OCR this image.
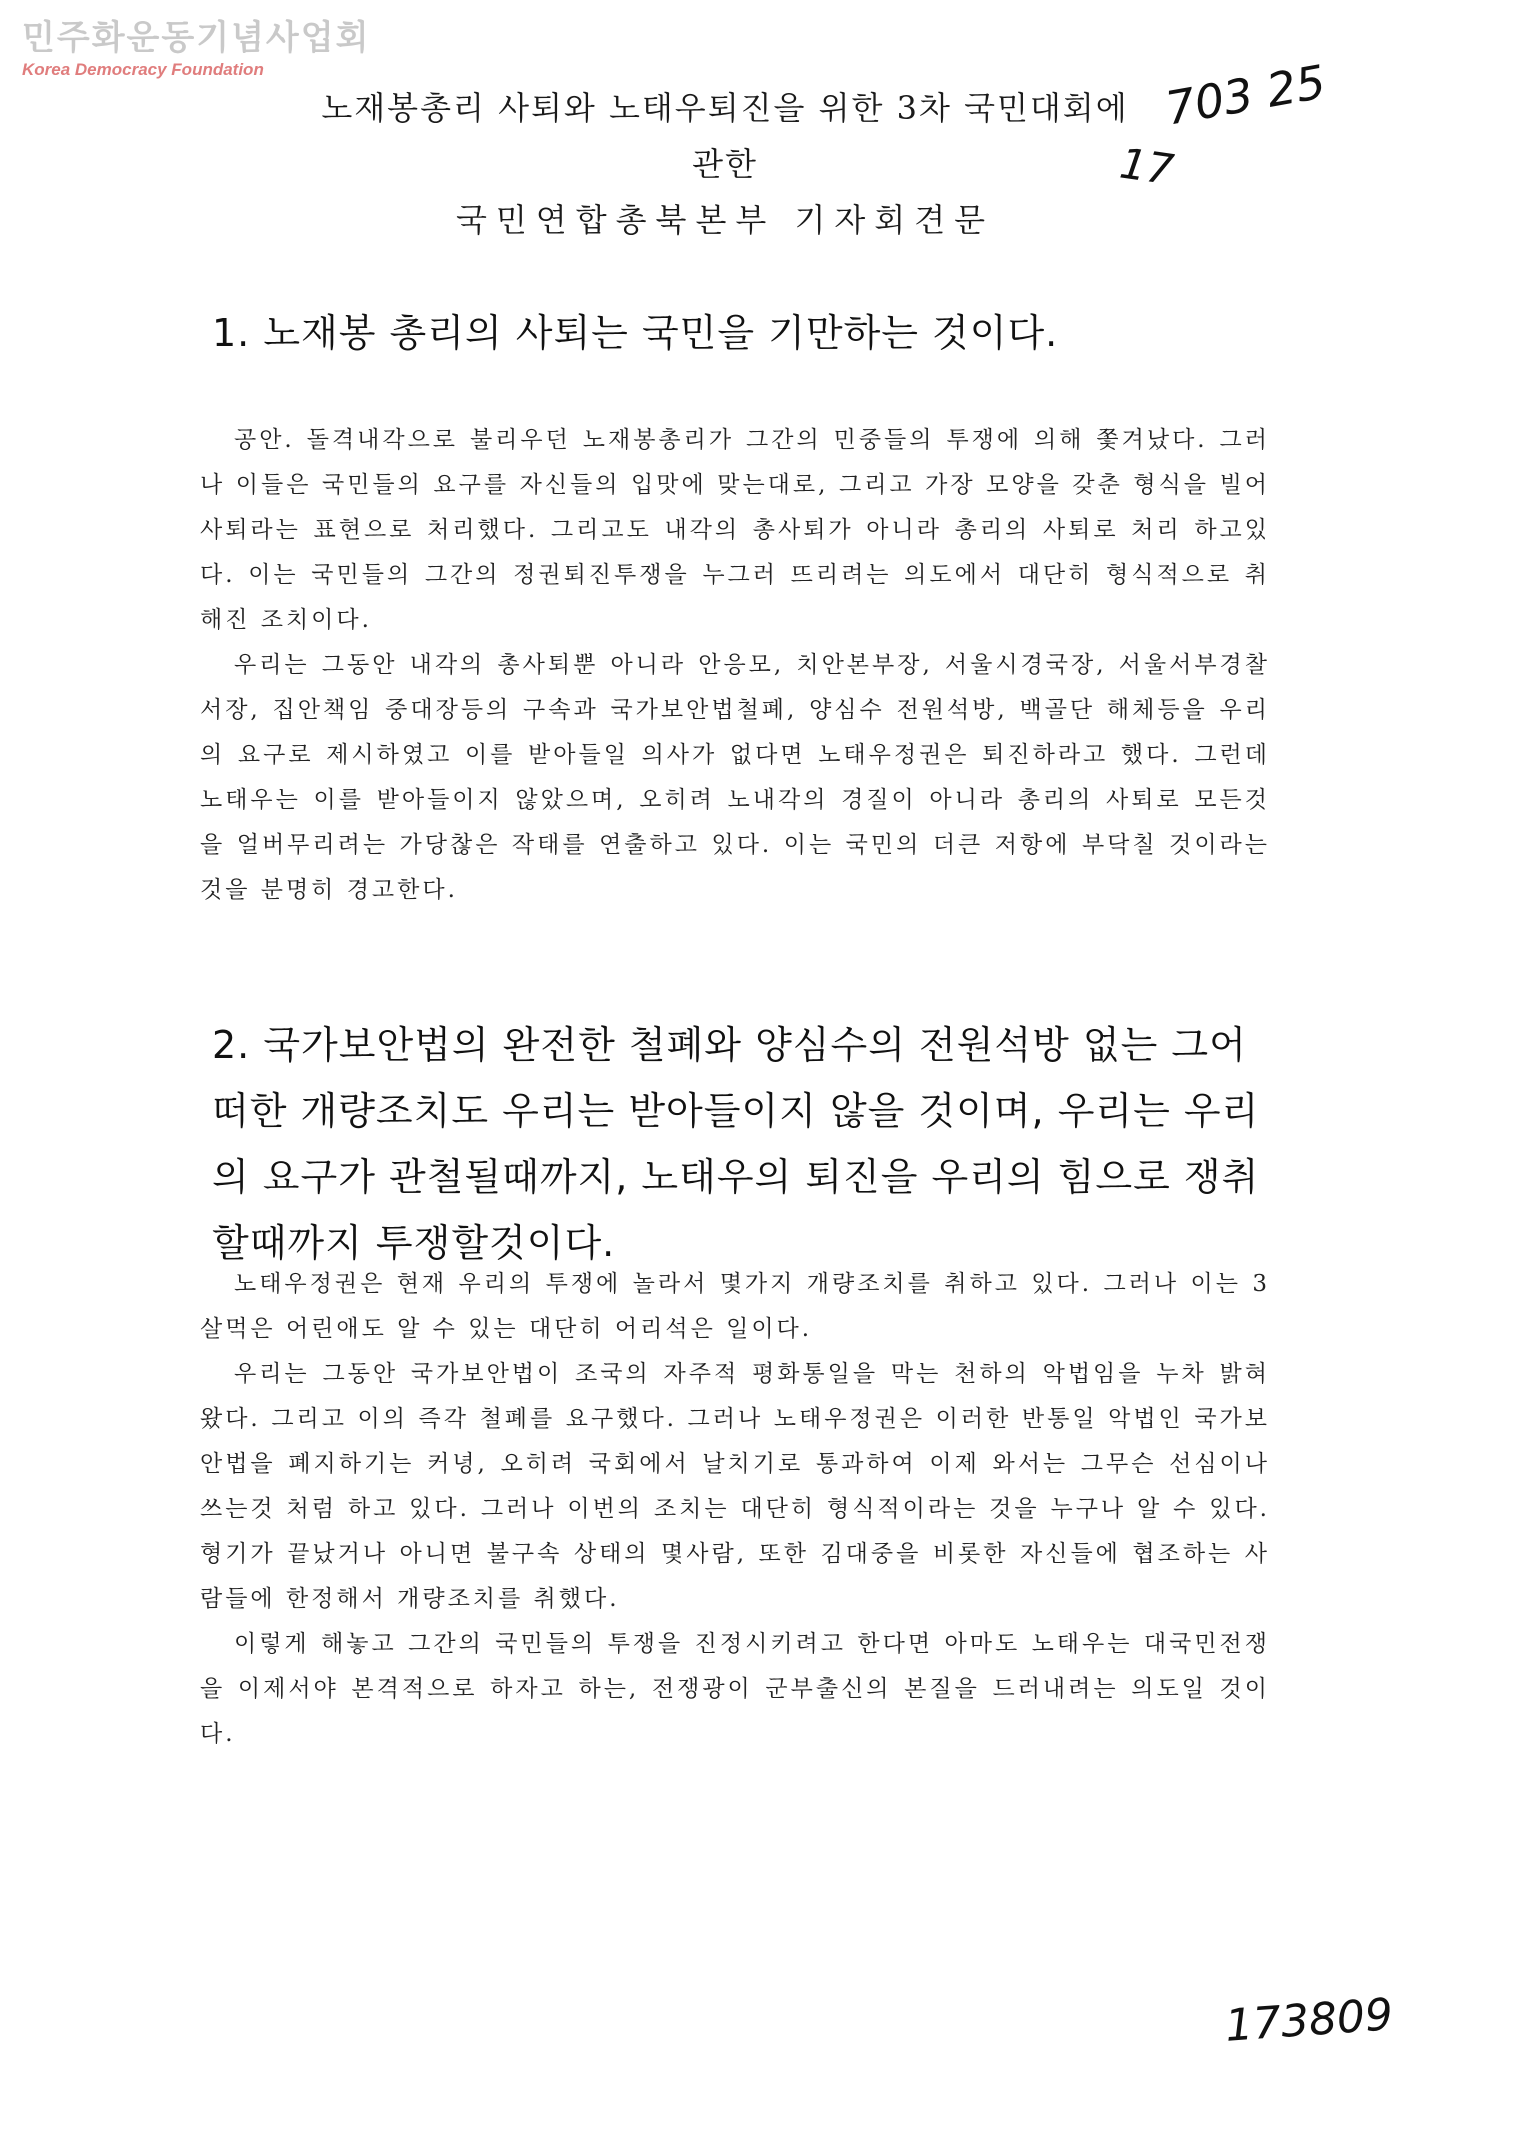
민주화운동기념사업회
Korea Democracy Foundation
노재봉총리 사퇴와 노태우퇴진을 위한 3차 국민대회에 관한
국민연합총북본부 기자회견문
703 25
17
1. 노재봉 총리의 사퇴는 국민을 기만하는 것이다.

공안. 돌격내각으로 불리우던 노재봉총리가 그간의 민중들의 투쟁에 의해 쫓겨났다. 그러나 이들은 국민들의 요구를 자신들의 입맛에 맞는대로, 그리고 가장 모양을 갖춘 형식을 빌어 사퇴라는 표현으로 처리했다. 그리고도 내각의 총사퇴가 아니라 총리의 사퇴로 처리 하고있다. 이는 국민들의 그간의 정권퇴진투쟁을 누그러 뜨리려는 의도에서 대단히 형식적으로 취해진 조치이다.

우리는 그동안 내각의 총사퇴뿐 아니라 안응모, 치안본부장, 서울시경국장, 서울서부경찰서장, 집안책임 중대장등의 구속과 국가보안법철폐, 양심수 전원석방, 백골단 해체등을 우리의 요구로 제시하였고 이를 받아들일 의사가 없다면 노태우정권은 퇴진하라고 했다. 그런데 노태우는 이를 받아들이지 않았으며, 오히려 노내각의 경질이 아니라 총리의 사퇴로 모든것을 얼버무리려는 가당찮은 작태를 연출하고 있다. 이는 국민의 더큰 저항에 부닥칠 것이라는 것을 분명히 경고한다.

2. 국가보안법의 완전한 철폐와 양심수의 전원석방 없는 그어떠한 개량조치도 우리는 받아들이지 않을 것이며, 우리는 우리의 요구가 관철될때까지, 노태우의 퇴진을 우리의 힘으로 쟁취할때까지 투쟁할것이다.

노태우정권은 현재 우리의 투쟁에 놀라서 몇가지 개량조치를 취하고 있다. 그러나 이는 3살먹은 어린애도 알 수 있는 대단히 어리석은 일이다.

우리는 그동안 국가보안법이 조국의 자주적 평화통일을 막는 천하의 악법임을 누차 밝혀왔다. 그리고 이의 즉각 철폐를 요구했다. 그러나 노태우정권은 이러한 반통일 악법인 국가보안법을 폐지하기는 커녕, 오히려 국회에서 날치기로 통과하여 이제 와서는 그무슨 선심이나 쓰는것 처럼 하고 있다. 그러나 이번의 조치는 대단히 형식적이라는 것을 누구나 알 수 있다. 형기가 끝났거나 아니면 불구속 상태의 몇사람, 또한 김대중을 비롯한 자신들에 협조하는 사람들에 한정해서 개량조치를 취했다.

이렇게 해놓고 그간의 국민들의 투쟁을 진정시키려고 한다면 아마도 노태우는 대국민전쟁을 이제서야 본격적으로 하자고 하는, 전쟁광이 군부출신의 본질을 드러내려는 의도일 것이다.

173809
